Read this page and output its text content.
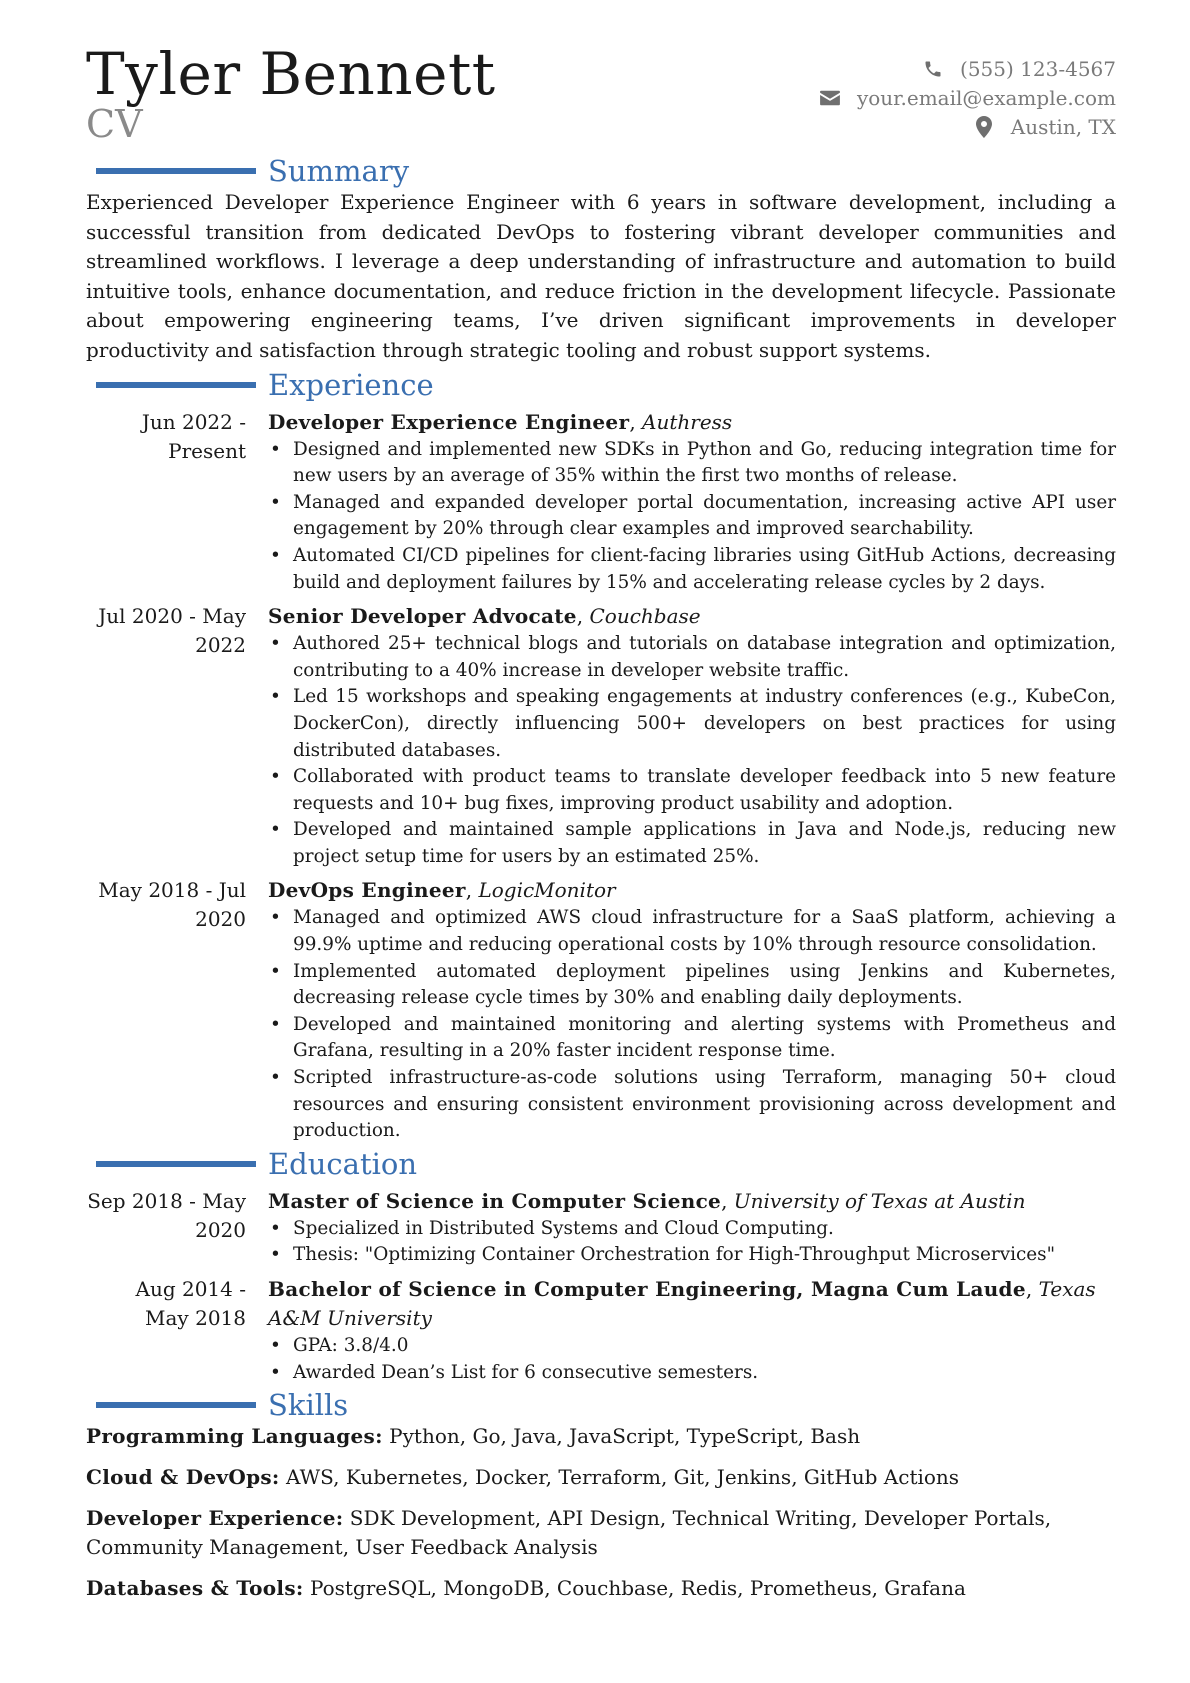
Tyler Bennett
CV
(555) 123-4567
your.email@example.com
Austin, TX
Summary

Experienced Developer Experience Engineer with 6 years in software development, including a successful transition from dedicated DevOps to fostering vibrant developer communities and streamlined workflows. I leverage a deep understanding of infrastructure and automation to build intuitive tools, enhance documentation, and reduce friction in the development lifecycle. Passionate about empowering engineering teams, I’ve driven significant improvements in developer productivity and satisfaction through strategic tooling and robust support systems.

Experience
Jun 2022 - Present
Developer Experience Engineer, Authress
• Designed and implemented new SDKs in Python and Go, reducing integration time for new users by an average of 35% within the first two months of release.
• Managed and expanded developer portal documentation, increasing active API user engagement by 20% through clear examples and improved searchability.
• Automated CI/CD pipelines for client-facing libraries using GitHub Actions, decreasing build and deployment failures by 15% and accelerating release cycles by 2 days.
Jul 2020 - May 2022
Senior Developer Advocate, Couchbase
• Authored 25+ technical blogs and tutorials on database integration and optimization, contributing to a 40% increase in developer website traffic.
• Led 15 workshops and speaking engagements at industry conferences (e.g., KubeCon, DockerCon), directly influencing 500+ developers on best practices for using distributed databases.
• Collaborated with product teams to translate developer feedback into 5 new feature requests and 10+ bug fixes, improving product usability and adoption.
• Developed and maintained sample applications in Java and Node.js, reducing new project setup time for users by an estimated 25%.
May 2018 - Jul 2020
DevOps Engineer, LogicMonitor
• Managed and optimized AWS cloud infrastructure for a SaaS platform, achieving a 99.9% uptime and reducing operational costs by 10% through resource consolidation.
• Implemented automated deployment pipelines using Jenkins and Kubernetes, decreasing release cycle times by 30% and enabling daily deployments.
• Developed and maintained monitoring and alerting systems with Prometheus and Grafana, resulting in a 20% faster incident response time.
• Scripted infrastructure-as-code solutions using Terraform, managing 50+ cloud resources and ensuring consistent environment provisioning across development and production.
Education
Sep 2018 - May 2020
Master of Science in Computer Science, University of Texas at Austin
• Specialized in Distributed Systems and Cloud Computing.
• Thesis: "Optimizing Container Orchestration for High-Throughput Microservices"
Aug 2014 - May 2018
Bachelor of Science in Computer Engineering, Magna Cum Laude, Texas A&M University
• GPA: 3.8/4.0
• Awarded Dean’s List for 6 consecutive semesters.
Skills
Programming Languages: Python, Go, Java, JavaScript, TypeScript, Bash
Cloud & DevOps: AWS, Kubernetes, Docker, Terraform, Git, Jenkins, GitHub Actions
Developer Experience: SDK Development, API Design, Technical Writing, Developer Portals, Community Management, User Feedback Analysis
Databases & Tools: PostgreSQL, MongoDB, Couchbase, Redis, Prometheus, Grafana
